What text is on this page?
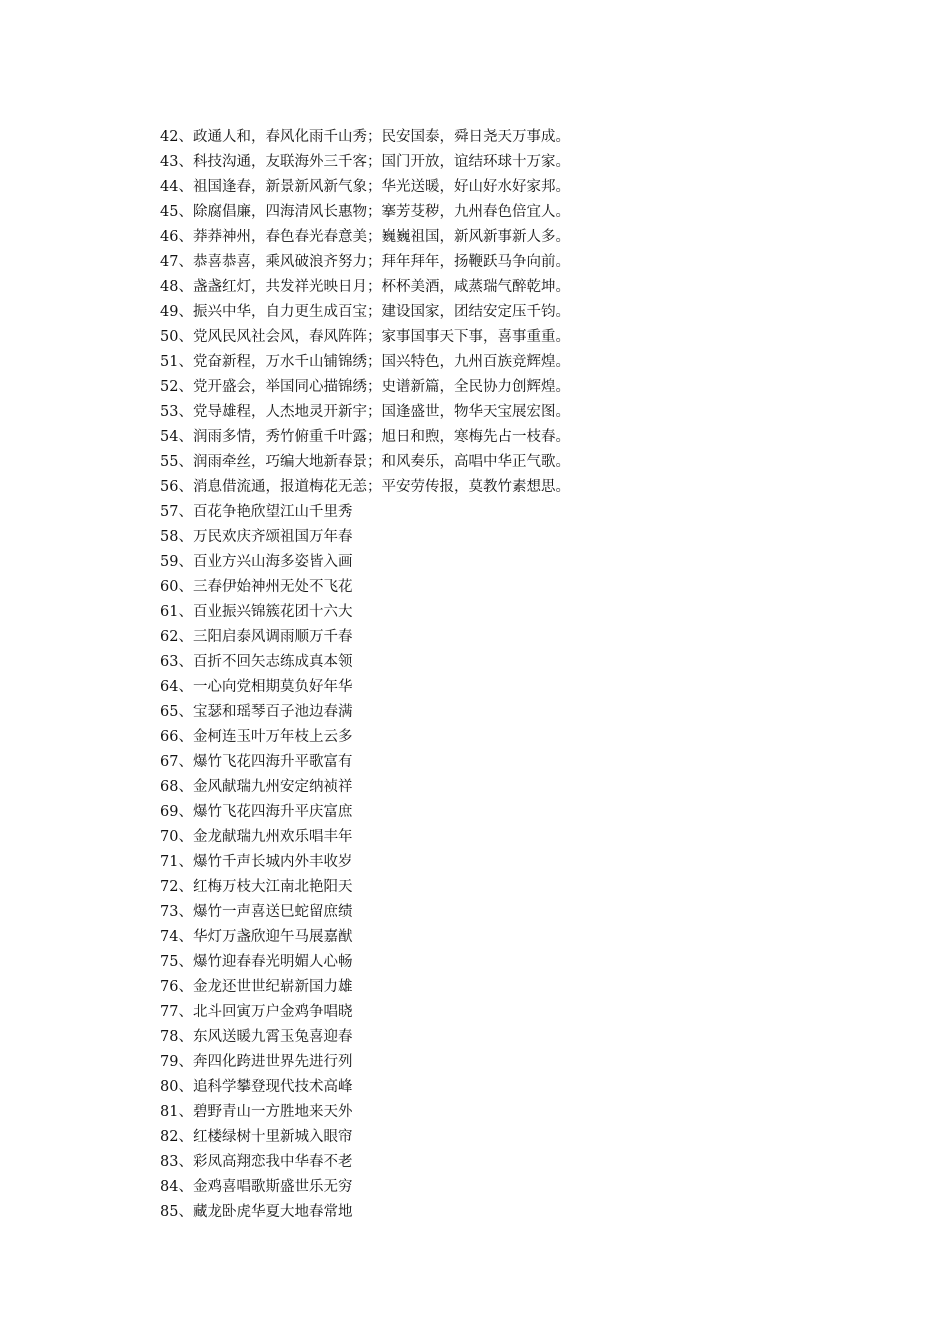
42、政通人和，春风化雨千山秀；民安国泰，舜日尧天万事成。
43、科技沟通，友联海外三千客；国门开放，谊结环球十万家。
44、祖国逢春，新景新风新气象；华光送暖，好山好水好家邦。
45、除腐倡廉，四海清风长惠物；搴芳芟秽，九州春色倍宜人。
46、莽莽神州，春色春光春意美；巍巍祖国，新风新事新人多。
47、恭喜恭喜，乘风破浪齐努力；拜年拜年，扬鞭跃马争向前。
48、盏盏红灯，共发祥光映日月；杯杯美酒，咸蒸瑞气醉乾坤。
49、振兴中华，自力更生成百宝；建设国家，团结安定压千钧。
50、党风民风社会风，春风阵阵；家事国事天下事，喜事重重。
51、党奋新程，万水千山铺锦绣；国兴特色，九州百族竞辉煌。
52、党开盛会，举国同心描锦绣；史谱新篇，全民协力创辉煌。
53、党导雄程，人杰地灵开新宇；国逢盛世，物华天宝展宏图。
54、润雨多情，秀竹俯重千叶露；旭日和煦，寒梅先占一枝春。
55、润雨牵丝，巧编大地新春景；和风奏乐，高唱中华正气歌。
56、消息借流通，报道梅花无恙；平安劳传报，莫教竹素想思。
57、百花争艳欣望江山千里秀
58、万民欢庆齐颂祖国万年春
59、百业方兴山海多姿皆入画
60、三春伊始神州无处不飞花
61、百业振兴锦簇花团十六大
62、三阳启泰风调雨顺万千春
63、百折不回矢志练成真本领
64、一心向党相期莫负好年华
65、宝瑟和瑶琴百子池边春满
66、金柯连玉叶万年枝上云多
67、爆竹飞花四海升平歌富有
68、金风献瑞九州安定纳祯祥
69、爆竹飞花四海升平庆富庶
70、金龙献瑞九州欢乐唱丰年
71、爆竹千声长城内外丰收岁
72、红梅万枝大江南北艳阳天
73、爆竹一声喜送巳蛇留庶绩
74、华灯万盏欣迎午马展嘉猷
75、爆竹迎春春光明媚人心畅
76、金龙还世世纪崭新国力雄
77、北斗回寅万户金鸡争唱晓
78、东风送暖九霄玉兔喜迎春
79、奔四化跨进世界先进行列
80、追科学攀登现代技术高峰
81、碧野青山一方胜地来天外
82、红楼绿树十里新城入眼帘
83、彩凤高翔恋我中华春不老
84、金鸡喜唱歌斯盛世乐无穷
85、藏龙卧虎华夏大地春常地
